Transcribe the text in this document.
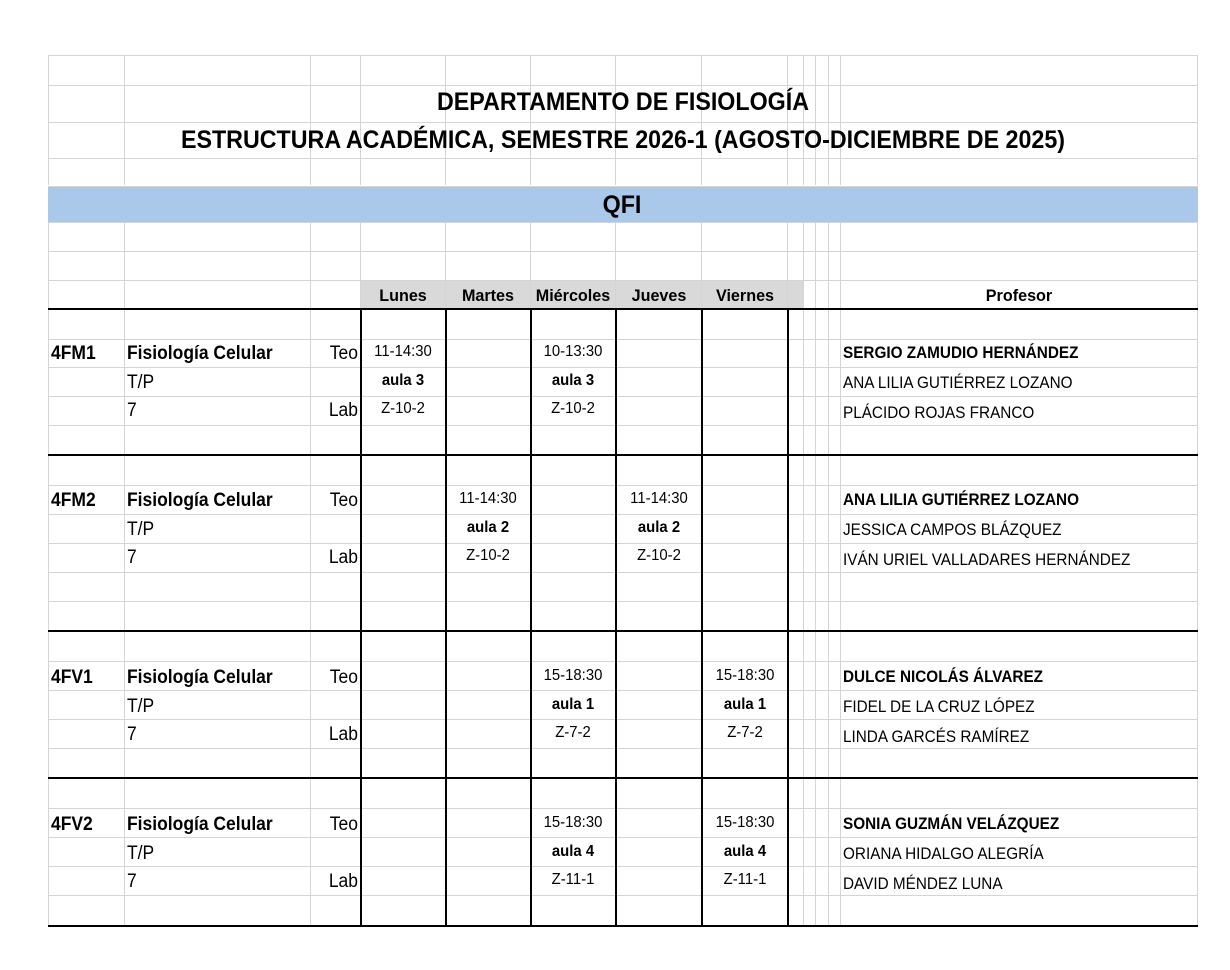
DEPARTAMENTO DE FISIOLOGÍA
ESTRUCTURA ACADÉMICA, SEMESTRE 2026-1 (AGOSTO-DICIEMBRE DE 2025)
QFI
Lunes Martes Miércoles Jueves Viernes	Profesor
4FM1 Fisiología Celular
T/P
7
Teo
Lab
11-14:30
aula 3
Z-10-2
10-13:30
aula 3
Z-10-2
SERGIO ZAMUDIO HERNÁNDEZ
ANA LILIA GUTIÉRREZ LOZANO
PLÁCIDO ROJAS FRANCO
4FM2 Fisiología Celular
T/P
7
Teo
Lab
11-14:30
aula 2
Z-10-2
11-14:30
aula 2
Z-10-2
ANA LILIA GUTIÉRREZ LOZANO
JESSICA CAMPOS BLÁZQUEZ
IVÁN URIEL VALLADARES HERNÁNDEZ
4FV1 Fisiología Celular
T/P
7
Teo
Lab
15-18:30
aula 1
Z-7-2
15-18:30
aula 1
Z-7-2
DULCE NICOLÁS ÁLVAREZ
FIDEL DE LA CRUZ LÓPEZ
LINDA GARCÉS RAMÍREZ
4FV2 Fisiología Celular
T/P
7
Teo
Lab
15-18:30
aula 4
Z-11-1
15-18:30
aula 4
Z-11-1
SONIA GUZMÁN VELÁZQUEZ
ORIANA HIDALGO ALEGRÍA
DAVID MÉNDEZ LUNA
